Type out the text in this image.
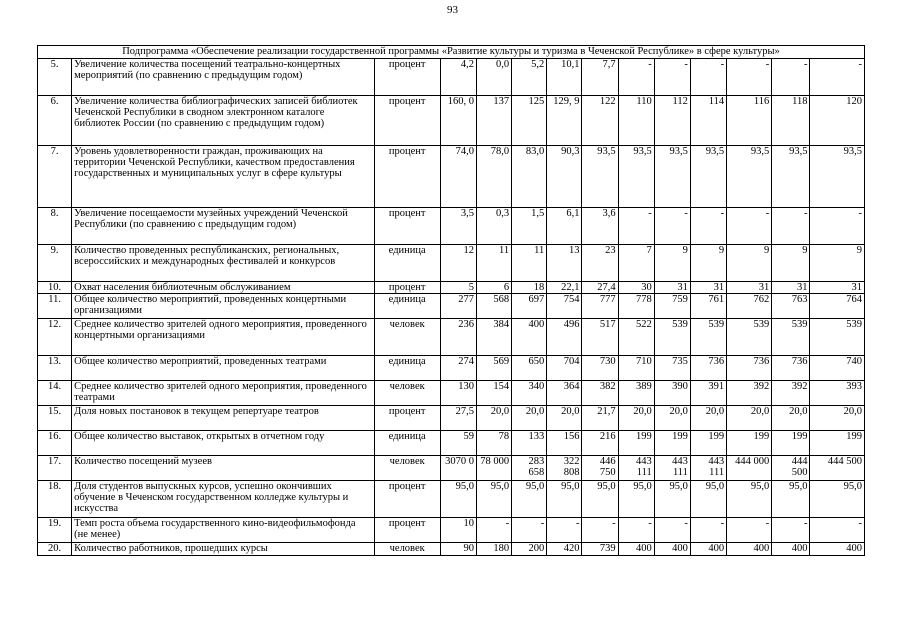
93
Подпрограмма «Обеспечение реализации государственной программы «Развитие культуры и туризма в Чеченской Республике» в сфере культуры»													
5.	Увеличение количества посещений театрально-концертных мероприятий (по сравнению с предыдущим годом)	процент	4,2	0,0	5,2	10,1	7,7	-	-	-	-	-	-
6.	Увеличение количества библиографических записей библиотек Чеченской Республики в сводном электронном каталоге библиотек России (по сравнению с предыдущим годом)	процент	160, 0	137	125	129, 9	122	110	112	114	116	118	120
7.	Уровень удовлетворенности граждан, проживающих на территории Чеченской Республики, качеством предоставления государственных и муниципальных услуг в сфере культуры	процент	74,0	78,0	83,0	90,3	93,5	93,5	93,5	93,5	93,5	93,5	93,5
8.	Увеличение посещаемости музейных учреждений Чеченской Республики (по сравнению с предыдущим годом)	процент	3,5	0,3	1,5	6,1	3,6	-	-	-	-	-	-
9.	Количество проведенных республиканских, региональных, всероссийских и международных фестивалей и конкурсов	единица	12	11	11	13	23	7	9	9	9	9	9
10.	Охват населения библиотечным обслуживанием	процент	5	6	18	22,1	27,4	30	31	31	31	31	31
11.	Общее количество мероприятий, проведенных концертными организациями	единица	277	568	697	754	777	778	759	761	762	763	764
12.	Среднее количество зрителей одного мероприятия, проведенного концертными организациями	человек	236	384	400	496	517	522	539	539	539	539	539
13.	Общее количество мероприятий, проведенных театрами	единица	274	569	650	704	730	710	735	736	736	736	740
14.	Среднее количество зрителей одного мероприятия, проведенного театрами	человек	130	154	340	364	382	389	390	391	392	392	393
15.	Доля новых постановок в текущем репертуаре театров	процент	27,5	20,0	20,0	20,0	21,7	20,0	20,0	20,0	20,0	20,0	20,0
16.	Общее количество выставок, открытых в отчетном году	единица	59	78	133	156	216	199	199	199	199	199	199
17.	Количество посещений музеев	человек	3070 0	78 000	283 658	322 808	446 750	443 111	443 111	443 111	444 000	444 500	444 500
18.	Доля студентов выпускных курсов, успешно окончивших обучение в Чеченском государственном колледже культуры и искусства	процент	95,0	95,0	95,0	95,0	95,0	95,0	95,0	95,0	95,0	95,0	95,0
19.	Темп роста объема государственного кино-видеофильмофонда (не менее)	процент	10	-	-	-	-	-	-	-	-	-	-
20.	Количество работников, прошедших курсы	человек	90	180	200	420	739	400	400	400	400	400	400
